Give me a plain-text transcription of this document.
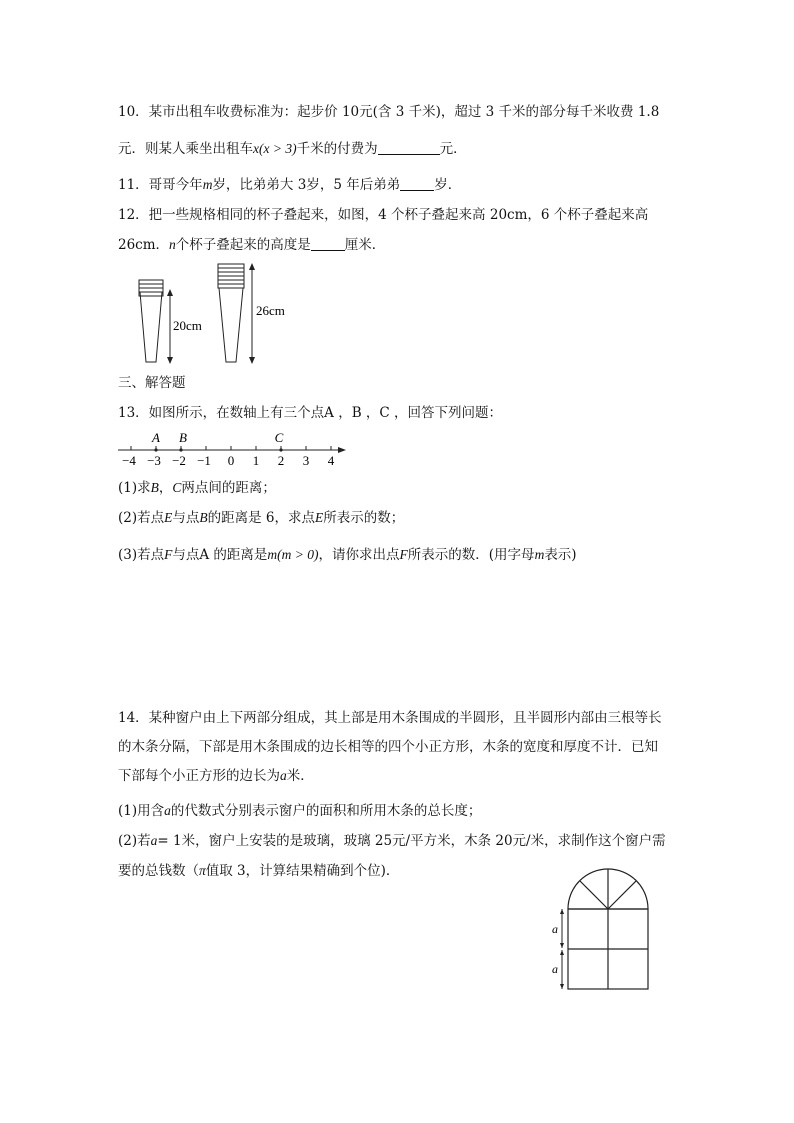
10．某市出租车收费标准为：起步价 10元(含 3 千米)，超过 3 千米的部分每千米收费 1.8
元．则某人乘坐出租车x(x > 3)千米的付费为	元．
11．哥哥今年m岁，比弟弟大 3岁，5 年后弟弟	岁．
12．把一些规格相同的杯子叠起来，如图，4 个杯子叠起来高 20cm，6 个杯子叠起来高
26cm．n个杯子叠起来的高度是	厘米．
20cm
26cm
三、解答题
13．如图所示，在数轴上有三个点A ，B ，C ，回答下列问题：
A B	C
−4 −3 −2 −1 0 1 2 3 4
(1)求B，C两点间的距离；
(2)若点E与点B的距离是 6，求点E所表示的数；
(3)若点F与点A 的距离是m(m > 0)，请你求出点F所表示的数．(用字母m表示)
14．某种窗户由上下两部分组成，其上部是用木条围成的半圆形，且半圆形内部由三根等长
的木条分隔，下部是用木条围成的边长相等的四个小正方形，木条的宽度和厚度不计．已知
下部每个小正方形的边长为a米．
(1)用含a的代数式分别表示窗户的面积和所用木条的总长度；
(2)若a= 1米，窗户上安装的是玻璃，玻璃 25元/平方米，木条 20元/米，求制作这个窗户需
要的总钱数（π值取 3，计算结果精确到个位)．
a
a
